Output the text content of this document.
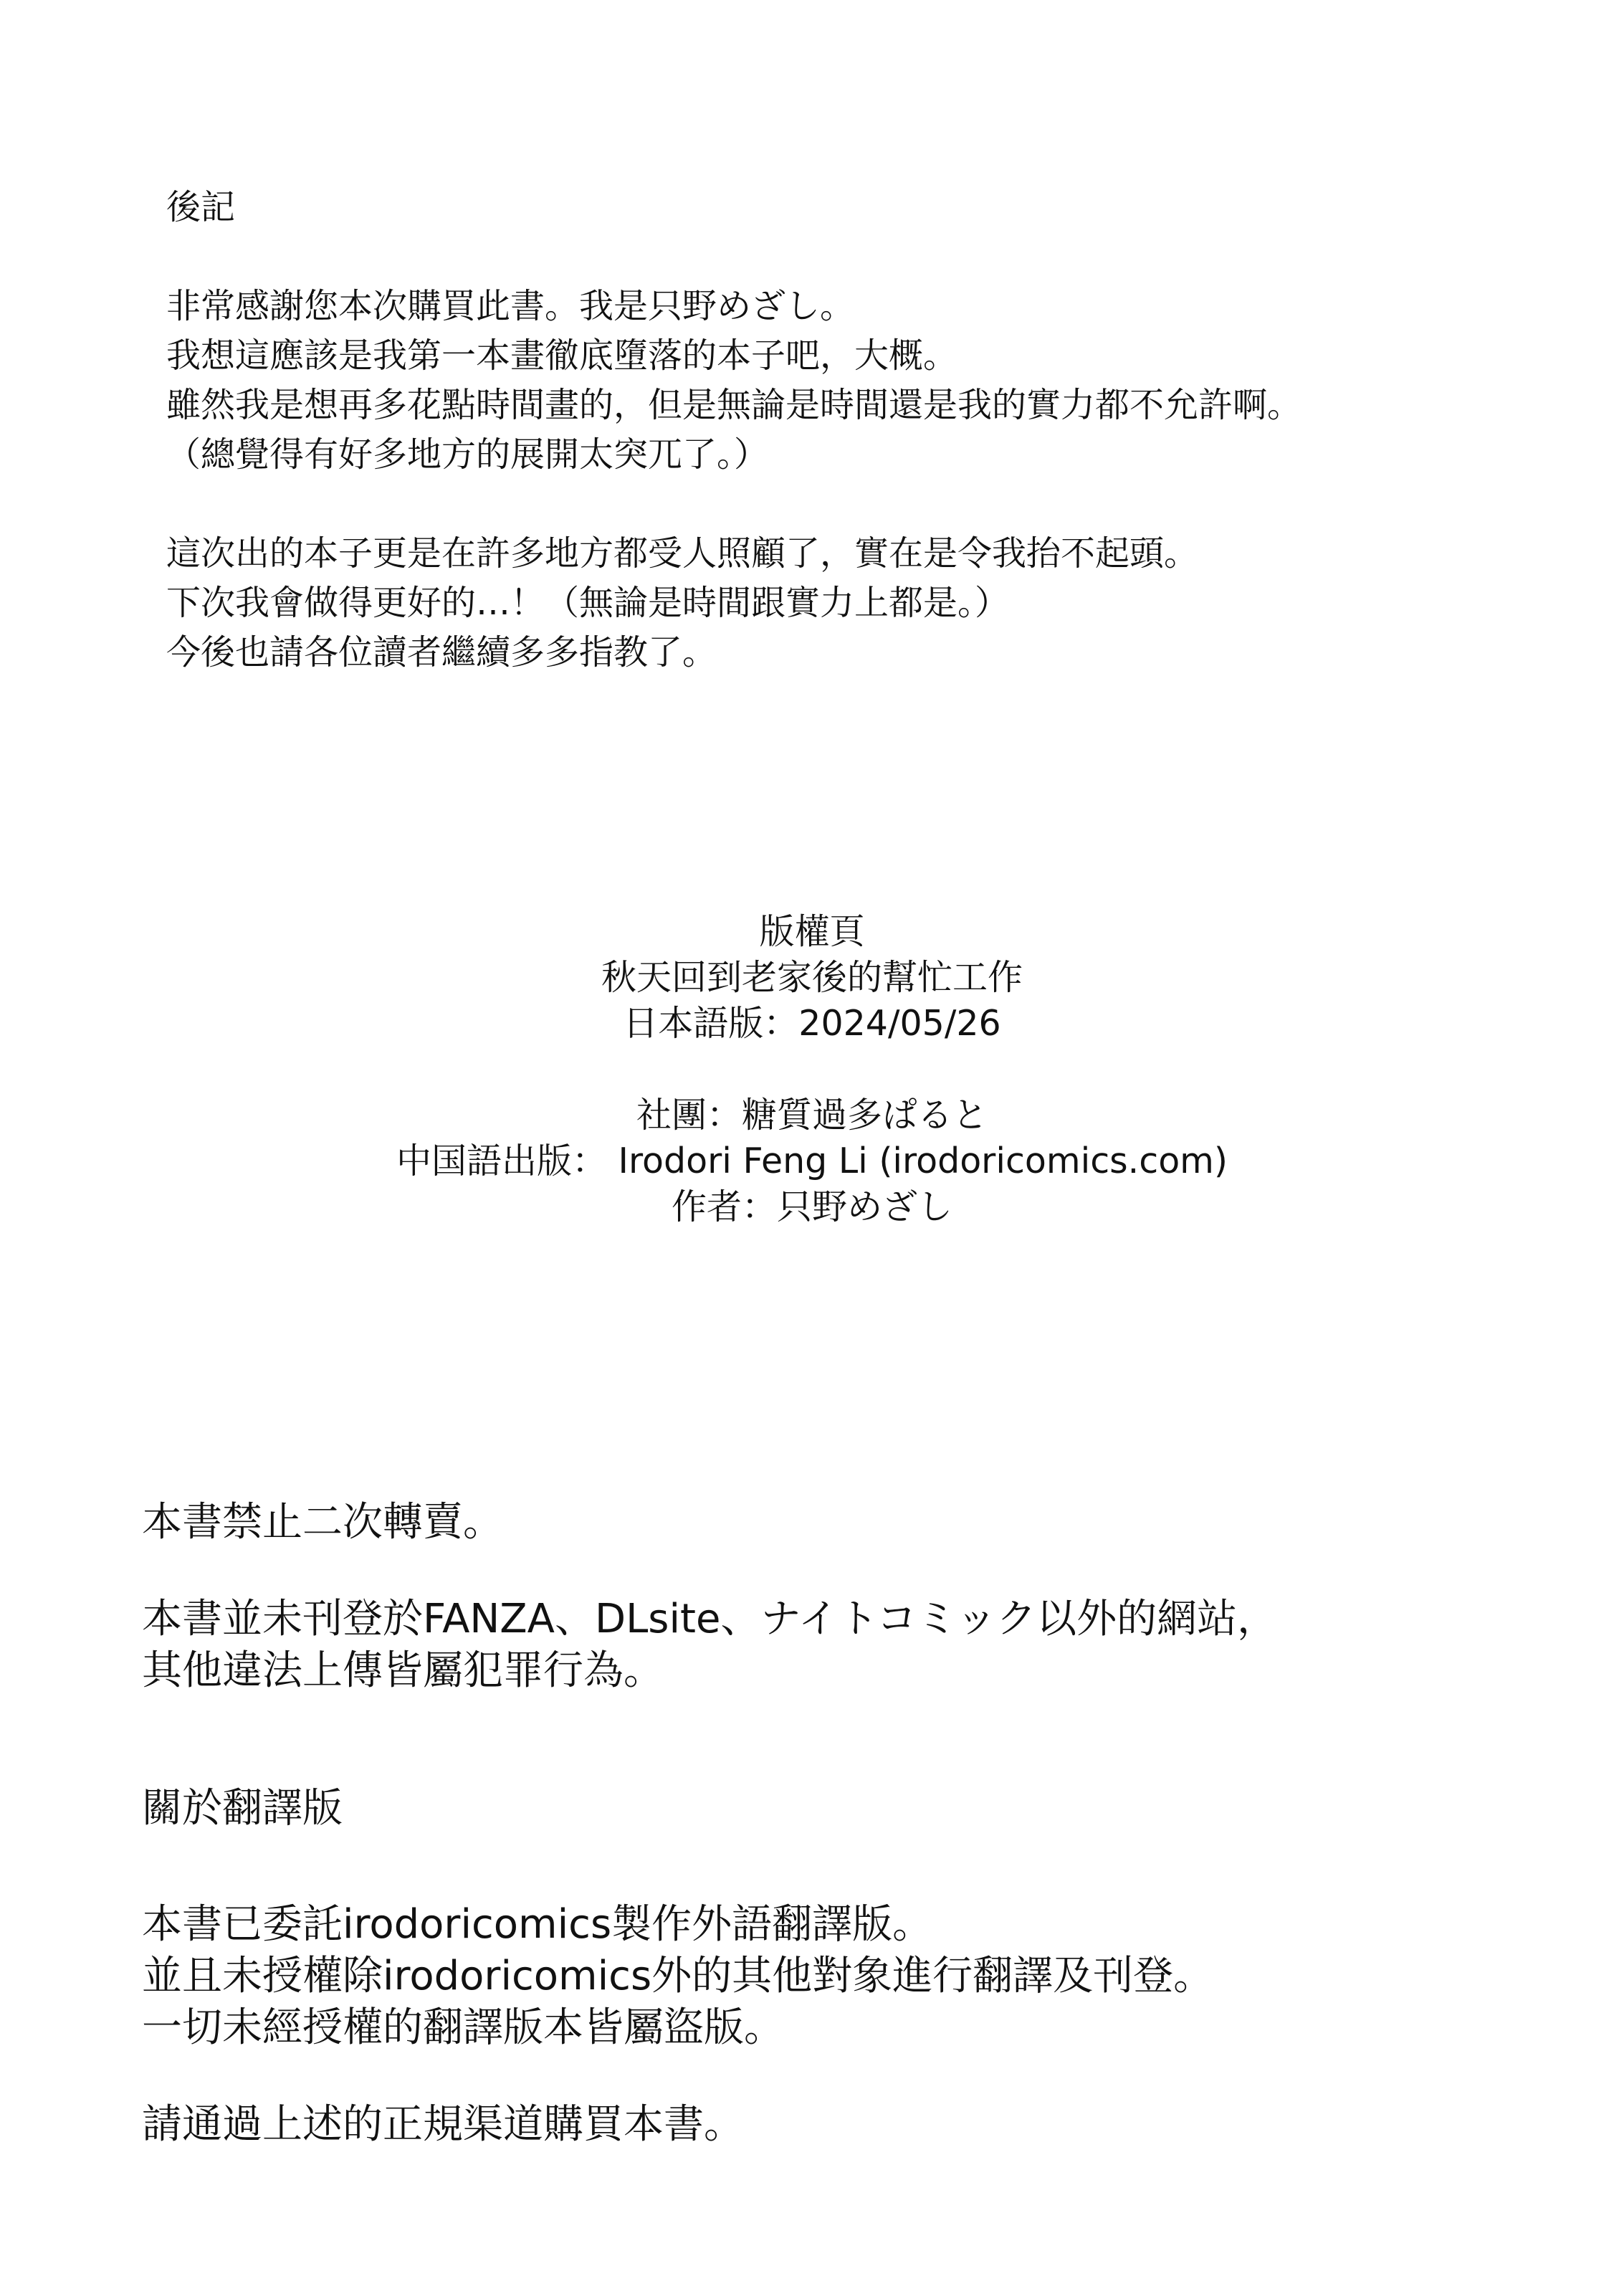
後記
非常感謝您本次購買此書。我是只野めざし。
我想這應該是我第一本畫徹底墮落的本子吧，大概。
雖然我是想再多花點時間畫的，但是無論是時間還是我的實力都不允許啊。
（總覺得有好多地方的展開太突兀了。）
這次出的本子更是在許多地方都受人照顧了，實在是令我抬不起頭。
下次我會做得更好的…！（無論是時間跟實力上都是。）
今後也請各位讀者繼續多多指教了。
版權頁
秋天回到老家後的幫忙工作
日本語版：2024/05/26
社團：糖質過多ぱると
中国語出版： Irodori Feng Li (irodoricomics.com)
作者：只野めざし
本書禁止二次轉賣。
本書並未刊登於FANZA、DLsite、ナイトコミック以外的網站，
其他違法上傳皆屬犯罪行為。
關於翻譯版
本書已委託irodoricomics製作外語翻譯版。
並且未授權除irodoricomics外的其他對象進行翻譯及刊登。
一切未經授權的翻譯版本皆屬盜版。
請通過上述的正規渠道購買本書。
